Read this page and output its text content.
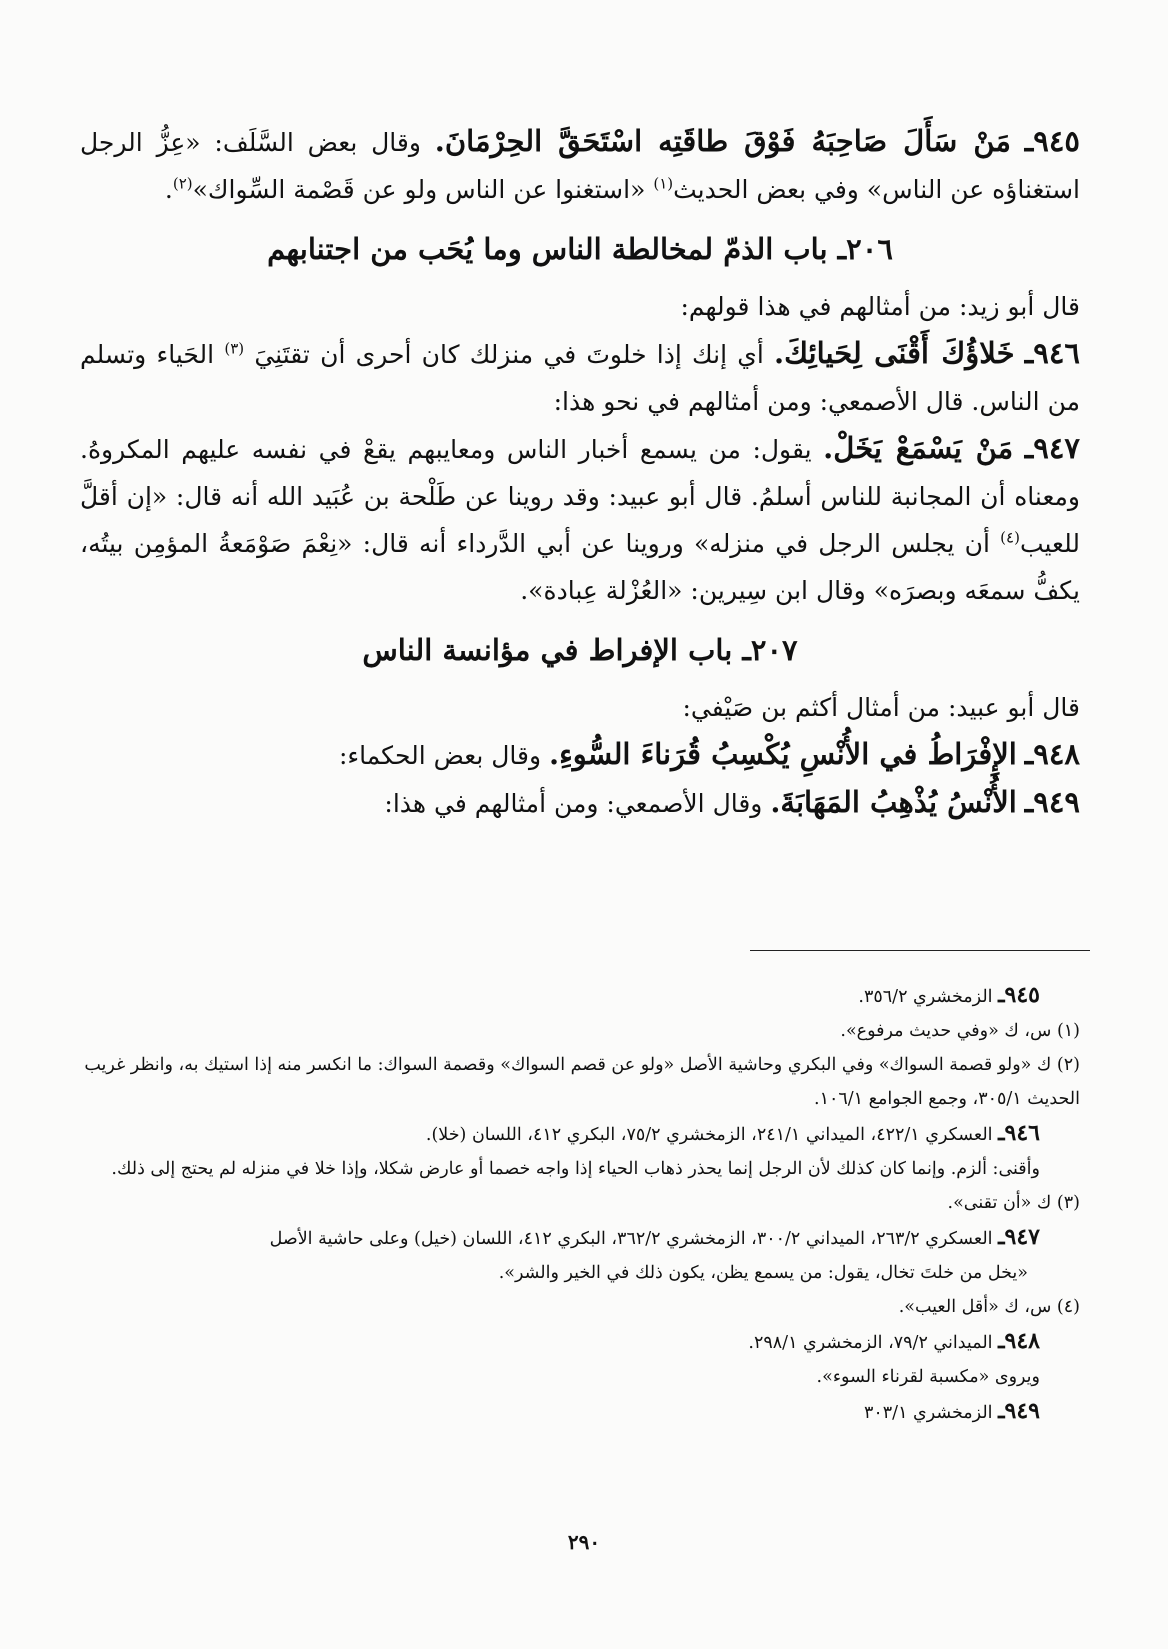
٩٤٥ـ مَنْ سَأَلَ صَاحِبَهُ فَوْقَ طاقَتِه اسْتَحَقَّ الحِرْمَانَ. وقال بعض السَّلَف: «عِزُّ الرجل استغناؤه عن الناس» وفي بعض الحديث$^{(١)}$ «استغنوا عن الناس ولو عن قَصْمة السِّواك»$^{(٢)}$.

٢٠٦ـ باب الذمّ لمخالطة الناس وما يُحَب من اجتنابهم

قال أبو زيد: من أمثالهم في هذا قولهم:

٩٤٦ـ خَلاؤُكَ أَقْنَى لِحَيائِكَ. أي إنك إذا خلوتَ في منزلك كان أحرى أن تقتَنِيَ $^{(٣)}$ الحَياء وتسلم من الناس. قال الأصمعي: ومن أمثالهم في نحو هذا:

٩٤٧ـ مَنْ يَسْمَعْ يَخَلْ. يقول: من يسمع أخبار الناس ومعايبهم يقعْ في نفسه عليهم المكروهُ. ومعناه أن المجانبة للناس أسلمُ. قال أبو عبيد: وقد روينا عن طَلْحة بن عُبَيد الله أنه قال: «إن أقلَّ للعيب$^{(٤)}$ أن يجلس الرجل في منزله» وروينا عن أبي الدَّرداء أنه قال: «نِعْمَ صَوْمَعةُ المؤمِن بيتُه، يكفُّ سمعَه وبصرَه» وقال ابن سِيرين: «العُزْلة عِبادة».

٢٠٧ـ باب الإفراط في مؤانسة الناس

قال أبو عبيد: من أمثال أكثم بن صَيْفي:

٩٤٨ـ الإِفْرَاطُ في الأُنْسِ يُكْسِبُ قُرَناءَ السُّوءِ. وقال بعض الحكماء:

٩٤٩ـ الأُنْسُ يُذْهِبُ المَهَابَةَ. وقال الأصمعي: ومن أمثالهم في هذا:

٩٤٥ـ الزمخشري ٣٥٦/٢.

(١) س، ك «وفي حديث مرفوع».

(٢) ك «ولو قصمة السواك» وفي البكري وحاشية الأصل «ولو عن قصم السواك» وقصمة السواك: ما انكسر منه إذا استيك به، وانظر غريب الحديث ٣٠٥/١، وجمع الجوامع ١٠٦/١.

٩٤٦ـ العسكري ٤٢٢/١، الميداني ٢٤١/١، الزمخشري ٧٥/٢، البكري ٤١٢، اللسان (خلا).

وأقنى: ألزم. وإنما كان كذلك لأن الرجل إنما يحذر ذهاب الحياء إذا واجه خصما أو عارض شكلا، وإذا خلا في منزله لم يحتج إلى ذلك.

(٣) ك «أن تقنى».

٩٤٧ـ العسكري ٢٦٣/٢، الميداني ٣٠٠/٢، الزمخشري ٣٦٢/٢، البكري ٤١٢، اللسان (خيل) وعلى حاشية الأصل

«يخل من خلتَ تخال، يقول: من يسمع يظن، يكون ذلك في الخير والشر».

(٤) س، ك «أقل العيب».

٩٤٨ـ الميداني ٧٩/٢، الزمخشري ٢٩٨/١.

ويروى «مكسبة لقرناء السوء».

٩٤٩ـ الزمخشري ٣٠٣/١

٢٩٠
